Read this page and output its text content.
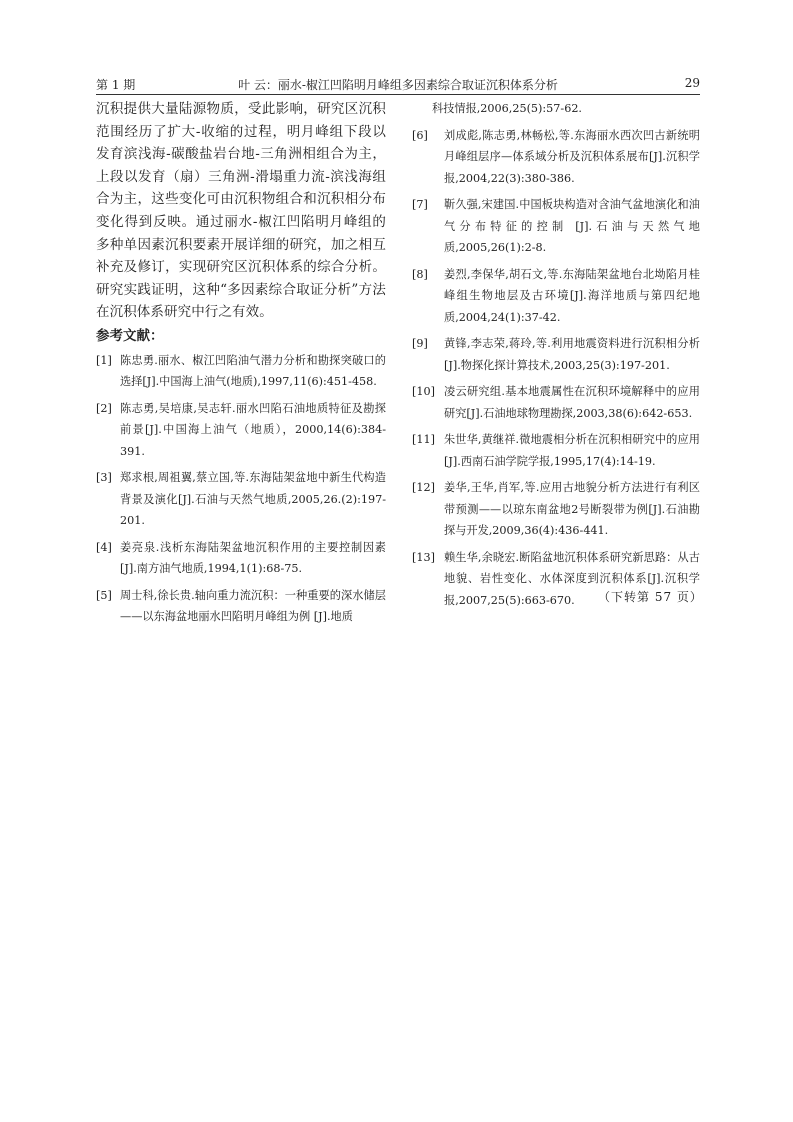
第 1 期	叶 云：丽水-椒江凹陷明月峰组多因素综合取证沉积体系分析	29

沉积提供大量陆源物质，受此影响，研究区沉积范围经历了扩大-收缩的过程，明月峰组下段以发育滨浅海-碳酸盐岩台地-三角洲相组合为主，上段以发育（扇）三角洲-滑塌重力流-滨浅海组合为主，这些变化可由沉积物组合和沉积相分布变化得到反映。通过丽水-椒江凹陷明月峰组的多种单因素沉积要素开展详细的研究，加之相互补充及修订，实现研究区沉积体系的综合分析。研究实践证明，这种“多因素综合取证分析”方法在沉积体系研究中行之有效。

参考文献：
[1] 陈忠勇.丽水、椒江凹陷油气潜力分析和勘探突破口的选择[J].中国海上油气(地质),1997,11(6):451-458.
[2] 陈志勇,吴培康,吴志轩.丽水凹陷石油地质特征及勘探前景[J].中国海上油气（地质），2000,14(6):384-391.
[3] 郑求根,周祖翼,蔡立国,等.东海陆架盆地中新生代构造背景及演化[J].石油与天然气地质,2005,26.(2):197-201.
[4] 姜亮泉.浅析东海陆架盆地沉积作用的主要控制因素[J].南方油气地质,1994,1(1):68-75.
[5] 周士科,徐长贵.轴向重力流沉积：一种重要的深水储层——以东海盆地丽水凹陷明月峰组为例 [J].地质
科技情报,2006,25(5):57-62.
[6] 刘成彪,陈志勇,林畅松,等.东海丽水西次凹古新统明月峰组层序—体系域分析及沉积体系展布[J].沉积学报,2004,22(3):380-386.
[7] 靳久强,宋建国.中国板块构造对含油气盆地演化和油气分布特征的控制 [J].石油与天然气地质,2005,26(1):2-8.
[8] 姜烈,李保华,胡石文,等.东海陆架盆地台北坳陷月桂峰组生物地层及古环境[J].海洋地质与第四纪地质,2004,24(1):37-42.
[9] 黄锋,李志荣,蒋玲,等.利用地震资料进行沉积相分析[J].物探化探计算技术,2003,25(3):197-201.
[10] 凌云研究组.基本地震属性在沉积环境解释中的应用研究[J].石油地球物理勘探,2003,38(6):642-653.
[11] 朱世华,黄继祥.微地震相分析在沉积相研究中的应用[J].西南石油学院学报,1995,17(4):14-19.
[12] 姜华,王华,肖军,等.应用古地貌分析方法进行有利区带预测——以琼东南盆地2号断裂带为例[J].石油勘探与开发,2009,36(4):436-441.
[13] 赖生华,余晓宏.断陷盆地沉积体系研究新思路：从古地貌、岩性变化、水体深度到沉积体系[J].沉积学报,2007,25(5):663-670.	（下转第 57 页）
